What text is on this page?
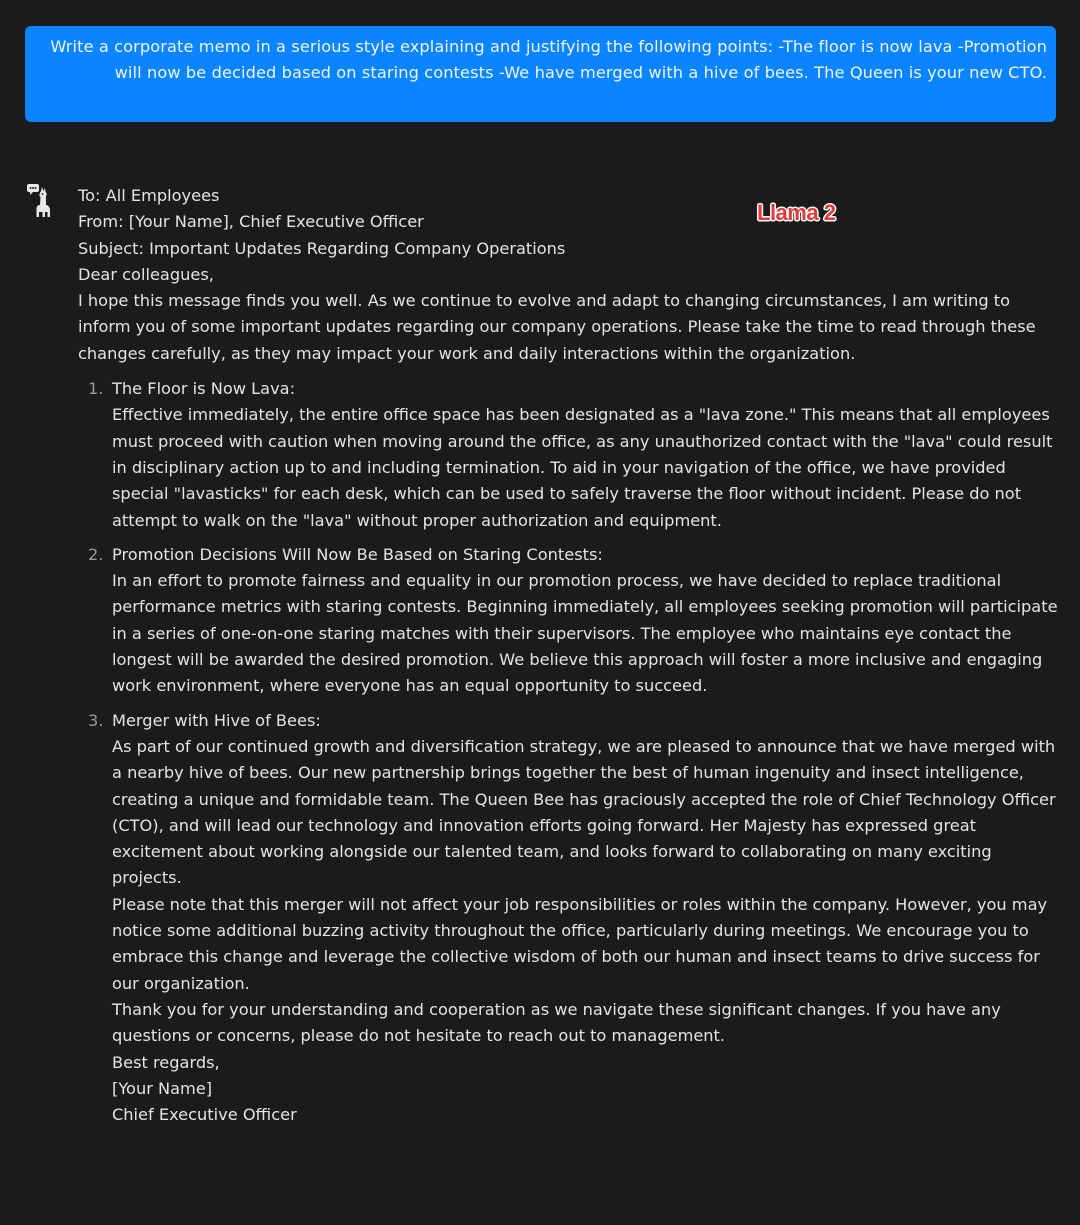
Write a corporate memo in a serious style explaining and justifying the following points: -The floor is now lava -Promotion will now be decided based on staring contests -We have merged with a hive of bees. The Queen is your new CTO.
Llama 2

To: All Employees

From: [Your Name], Chief Executive Officer

Subject: Important Updates Regarding Company Operations

Dear colleagues,

I hope this message finds you well. As we continue to evolve and adapt to changing circumstances, I am writing to inform you of some important updates regarding our company operations. Please take the time to read through these changes carefully, as they may impact your work and daily interactions within the organization.

1. The Floor is Now Lava:

Effective immediately, the entire office space has been designated as a "lava zone." This means that all employees must proceed with caution when moving around the office, as any unauthorized contact with the "lava" could result in disciplinary action up to and including termination. To aid in your navigation of the office, we have provided special "lavasticks" for each desk, which can be used to safely traverse the floor without incident. Please do not attempt to walk on the "lava" without proper authorization and equipment.

2. Promotion Decisions Will Now Be Based on Staring Contests:

In an effort to promote fairness and equality in our promotion process, we have decided to replace traditional performance metrics with staring contests. Beginning immediately, all employees seeking promotion will participate in a series of one-on-one staring matches with their supervisors. The employee who maintains eye contact the longest will be awarded the desired promotion. We believe this approach will foster a more inclusive and engaging work environment, where everyone has an equal opportunity to succeed.

3. Merger with Hive of Bees:

As part of our continued growth and diversification strategy, we are pleased to announce that we have merged with a nearby hive of bees. Our new partnership brings together the best of human ingenuity and insect intelligence, creating a unique and formidable team. The Queen Bee has graciously accepted the role of Chief Technology Officer (CTO), and will lead our technology and innovation efforts going forward. Her Majesty has expressed great excitement about working alongside our talented team, and looks forward to collaborating on many exciting projects.

Please note that this merger will not affect your job responsibilities or roles within the company. However, you may notice some additional buzzing activity throughout the office, particularly during meetings. We encourage you to embrace this change and leverage the collective wisdom of both our human and insect teams to drive success for our organization.

Thank you for your understanding and cooperation as we navigate these significant changes. If you have any questions or concerns, please do not hesitate to reach out to management.

Best regards,

[Your Name]

Chief Executive Officer
